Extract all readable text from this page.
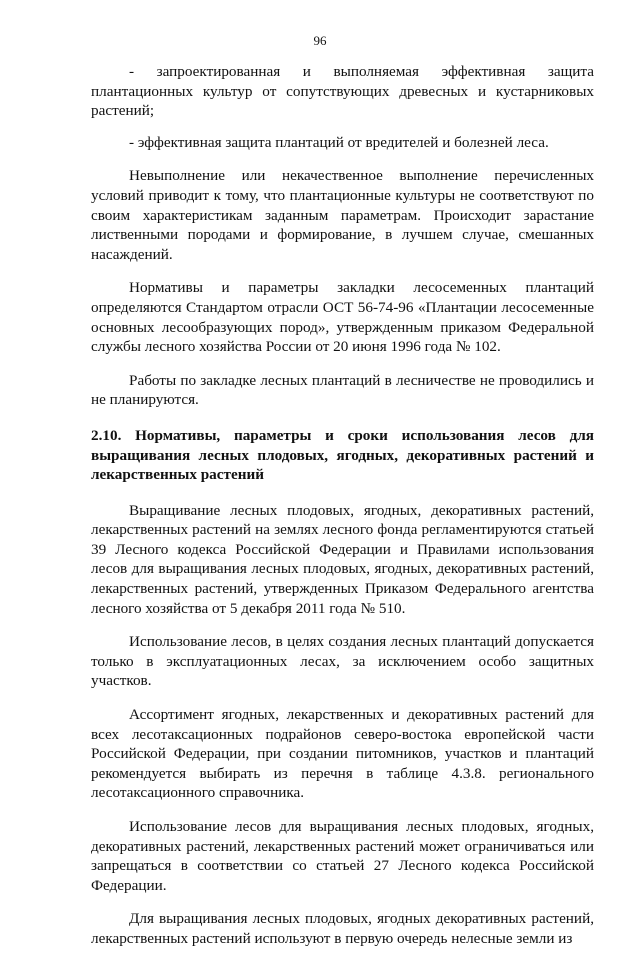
96

- запроектированная и выполняемая эффективная защита плантационных культур от сопутствующих древесных и кустарниковых растений;

- эффективная защита плантаций от вредителей и болезней леса.

Невыполнение или некачественное выполнение перечисленных условий приводит к тому, что плантационные культуры не соответствуют по своим характеристикам заданным параметрам. Происходит зарастание лиственными породами и формирование, в лучшем случае, смешанных насаждений.

Нормативы и параметры закладки лесосеменных плантаций определяются Стандартом отрасли ОСТ 56-74-96 «Плантации лесосеменные основных лесообразующих пород», утвержденным приказом Федеральной службы лесного хозяйства России от 20 июня 1996 года № 102.

Работы по закладке лесных плантаций в лесничестве не проводились и не планируются.

2.10. Нормативы, параметры и сроки использования лесов для выращивания лесных плодовых, ягодных, декоративных растений и лекарственных растений

Выращивание лесных плодовых, ягодных, декоративных растений, лекарственных растений на землях лесного фонда регламентируются статьей 39 Лесного кодекса Российской Федерации и Правилами использования лесов для выращивания лесных плодовых, ягодных, декоративных растений, лекарственных растений, утвержденных Приказом Федерального агентства лесного хозяйства от 5 декабря 2011 года № 510.

Использование лесов, в целях создания лесных плантаций допускается только в эксплуатационных лесах, за исключением особо защитных участков.

Ассортимент ягодных, лекарственных и декоративных растений для всех лесотаксационных подрайонов северо-востока европейской части Российской Федерации, при создании питомников, участков и плантаций рекомендуется выбирать из перечня в таблице 4.3.8. регионального лесотаксационного справочника.

Использование лесов для выращивания лесных плодовых, ягодных, декоративных растений, лекарственных растений может ограничиваться или запрещаться в соответствии со статьей 27 Лесного кодекса Российской Федерации.

Для выращивания лесных плодовых, ягодных декоративных растений, лекарственных растений используют в первую очередь нелесные земли из
